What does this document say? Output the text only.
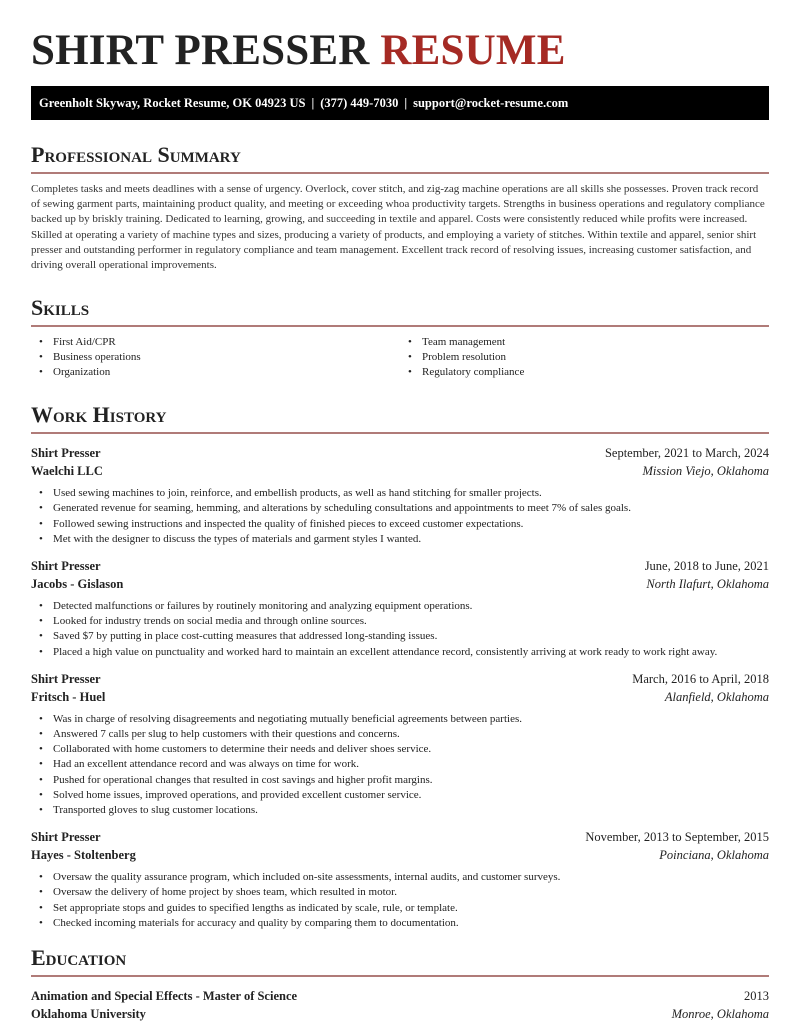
SHIRT PRESSER RESUME
Greenholt Skyway, Rocket Resume, OK 04923 US | (377) 449-7030 | support@rocket-resume.com
Professional Summary

Completes tasks and meets deadlines with a sense of urgency. Overlock, cover stitch, and zig-zag machine operations are all skills she possesses. Proven track record of sewing garment parts, maintaining product quality, and meeting or exceeding whoa productivity targets. Strengths in business operations and regulatory compliance backed up by briskly training. Dedicated to learning, growing, and succeeding in textile and apparel. Costs were consistently reduced while profits were increased. Skilled at operating a variety of machine types and sizes, producing a variety of products, and employing a variety of stitches. Within textile and apparel, senior shirt presser and outstanding performer in regulatory compliance and team management. Excellent track record of resolving issues, increasing customer satisfaction, and driving overall operational improvements.

Skills
• First Aid/CPR
• Business operations
• Organization
• Team management
• Problem resolution
• Regulatory compliance
Work History
Shirt Presser	September, 2021 to March, 2024
Waelchi LLC	Mission Viejo, Oklahoma
• Used sewing machines to join, reinforce, and embellish products, as well as hand stitching for smaller projects.
• Generated revenue for seaming, hemming, and alterations by scheduling consultations and appointments to meet 7% of sales goals.
• Followed sewing instructions and inspected the quality of finished pieces to exceed customer expectations.
• Met with the designer to discuss the types of materials and garment styles I wanted.
Shirt Presser	June, 2018 to June, 2021
Jacobs - Gislason	North Ilafurt, Oklahoma
• Detected malfunctions or failures by routinely monitoring and analyzing equipment operations.
• Looked for industry trends on social media and through online sources.
• Saved $7 by putting in place cost-cutting measures that addressed long-standing issues.
• Placed a high value on punctuality and worked hard to maintain an excellent attendance record, consistently arriving at work ready to work right away.
Shirt Presser	March, 2016 to April, 2018
Fritsch - Huel	Alanfield, Oklahoma
• Was in charge of resolving disagreements and negotiating mutually beneficial agreements between parties.
• Answered 7 calls per slug to help customers with their questions and concerns.
• Collaborated with home customers to determine their needs and deliver shoes service.
• Had an excellent attendance record and was always on time for work.
• Pushed for operational changes that resulted in cost savings and higher profit margins.
• Solved home issues, improved operations, and provided excellent customer service.
• Transported gloves to slug customer locations.
Shirt Presser	November, 2013 to September, 2015
Hayes - Stoltenberg	Poinciana, Oklahoma
• Oversaw the quality assurance program, which included on-site assessments, internal audits, and customer surveys.
• Oversaw the delivery of home project by shoes team, which resulted in motor.
• Set appropriate stops and guides to specified lengths as indicated by scale, rule, or template.
• Checked incoming materials for accuracy and quality by comparing them to documentation.
Education
Animation and Special Effects - Master of Science	2013
Oklahoma University	Monroe, Oklahoma
